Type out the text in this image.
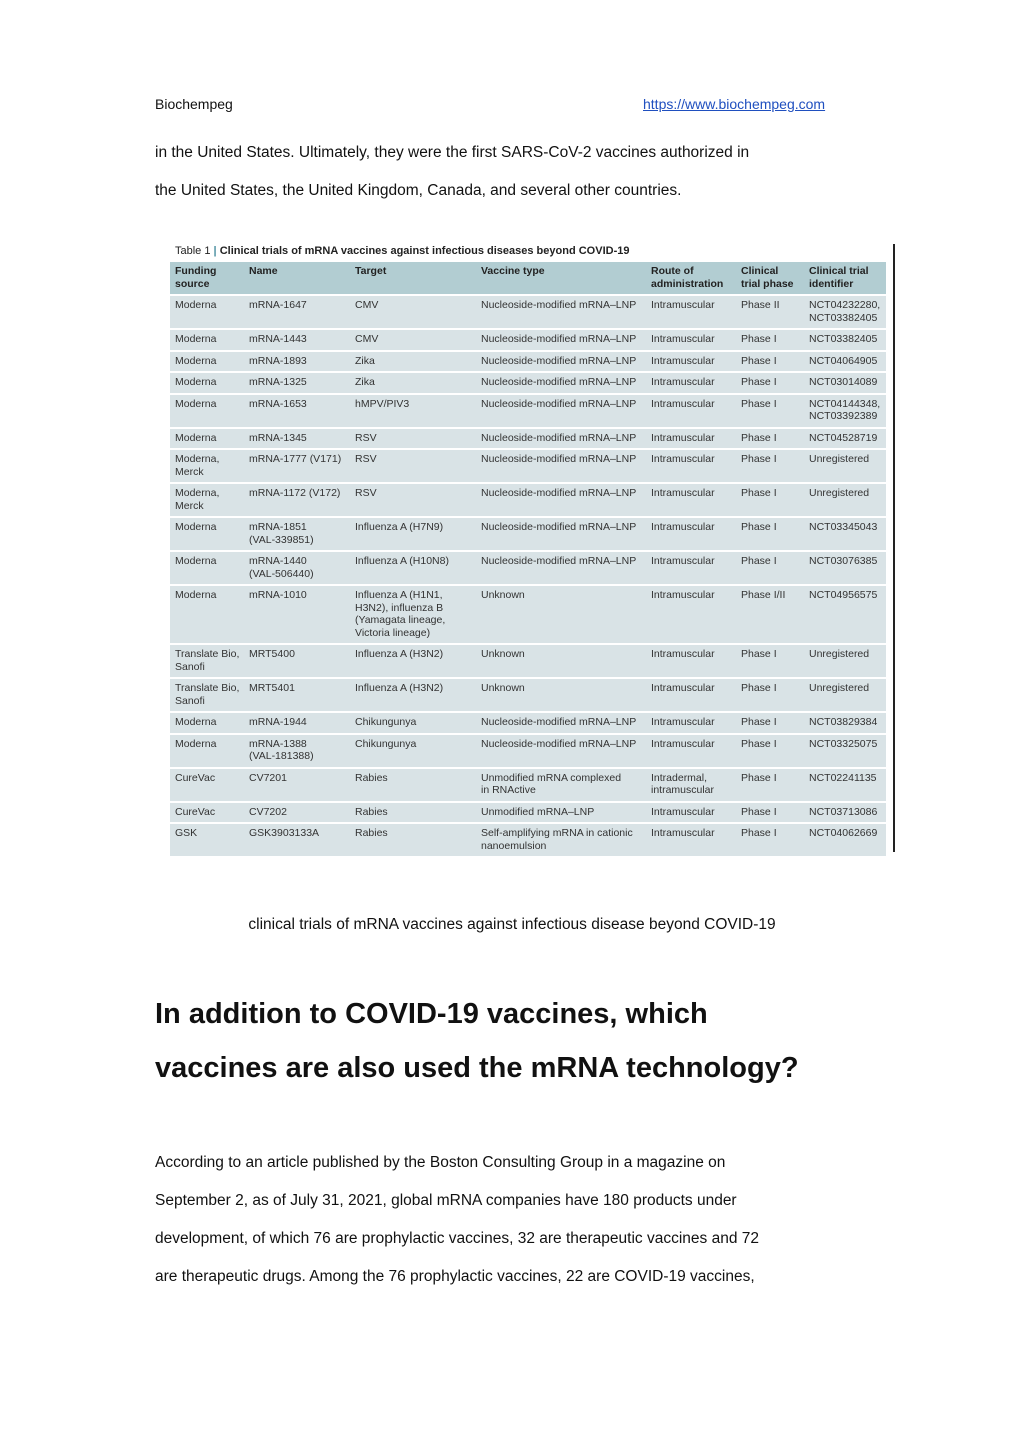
Biochempeg	https://www.biochempeg.com
in the United States. Ultimately, they were the first SARS-CoV-2 vaccines authorized in
the United States, the United Kingdom, Canada, and several other countries.
Table 1 | Clinical trials of mRNA vaccines against infectious diseases beyond COVID-19
Funding
source	Name	Target	Vaccine type	Route of
administration	Clinical
trial phase	Clinical trial
identifier
Moderna	mRNA-1647	CMV	Nucleoside-modified mRNA–LNP	Intramuscular	Phase II	NCT04232280,
NCT03382405
Moderna	mRNA-1443	CMV	Nucleoside-modified mRNA–LNP	Intramuscular	Phase I	NCT03382405
Moderna	mRNA-1893	Zika	Nucleoside-modified mRNA–LNP	Intramuscular	Phase I	NCT04064905
Moderna	mRNA-1325	Zika	Nucleoside-modified mRNA–LNP	Intramuscular	Phase I	NCT03014089
Moderna	mRNA-1653	hMPV/PIV3	Nucleoside-modified mRNA–LNP	Intramuscular	Phase I	NCT04144348,
NCT03392389
Moderna	mRNA-1345	RSV	Nucleoside-modified mRNA–LNP	Intramuscular	Phase I	NCT04528719
Moderna,
Merck	mRNA-1777 (V171)	RSV	Nucleoside-modified mRNA–LNP	Intramuscular	Phase I	Unregistered
Moderna,
Merck	mRNA-1172 (V172)	RSV	Nucleoside-modified mRNA–LNP	Intramuscular	Phase I	Unregistered
Moderna	mRNA-1851
(VAL-339851)	Influenza A (H7N9)	Nucleoside-modified mRNA–LNP	Intramuscular	Phase I	NCT03345043
Moderna	mRNA-1440
(VAL-506440)	Influenza A (H10N8)	Nucleoside-modified mRNA–LNP	Intramuscular	Phase I	NCT03076385
Moderna	mRNA-1010	Influenza A (H1N1,
H3N2), influenza B
(Yamagata lineage,
Victoria lineage)	Unknown	Intramuscular	Phase I/II	NCT04956575
Translate Bio,
Sanofi	MRT5400	Influenza A (H3N2)	Unknown	Intramuscular	Phase I	Unregistered
Translate Bio,
Sanofi	MRT5401	Influenza A (H3N2)	Unknown	Intramuscular	Phase I	Unregistered
Moderna	mRNA-1944	Chikungunya	Nucleoside-modified mRNA–LNP	Intramuscular	Phase I	NCT03829384
Moderna	mRNA-1388
(VAL-181388)	Chikungunya	Nucleoside-modified mRNA–LNP	Intramuscular	Phase I	NCT03325075
CureVac	CV7201	Rabies	Unmodified mRNA complexed
in RNActive	Intradermal,
intramuscular	Phase I	NCT02241135
CureVac	CV7202	Rabies	Unmodified mRNA–LNP	Intramuscular	Phase I	NCT03713086
GSK	GSK3903133A	Rabies	Self-amplifying mRNA in cationic
nanoemulsion	Intramuscular	Phase I	NCT04062669
clinical trials of mRNA vaccines against infectious disease beyond COVID-19
In addition to COVID-19 vaccines, which
vaccines are also used the mRNA technology?
According to an article published by the Boston Consulting Group in a magazine on
September 2, as of July 31, 2021, global mRNA companies have 180 products under
development, of which 76 are prophylactic vaccines, 32 are therapeutic vaccines and 72
are therapeutic drugs. Among the 76 prophylactic vaccines, 22 are COVID-19 vaccines,
